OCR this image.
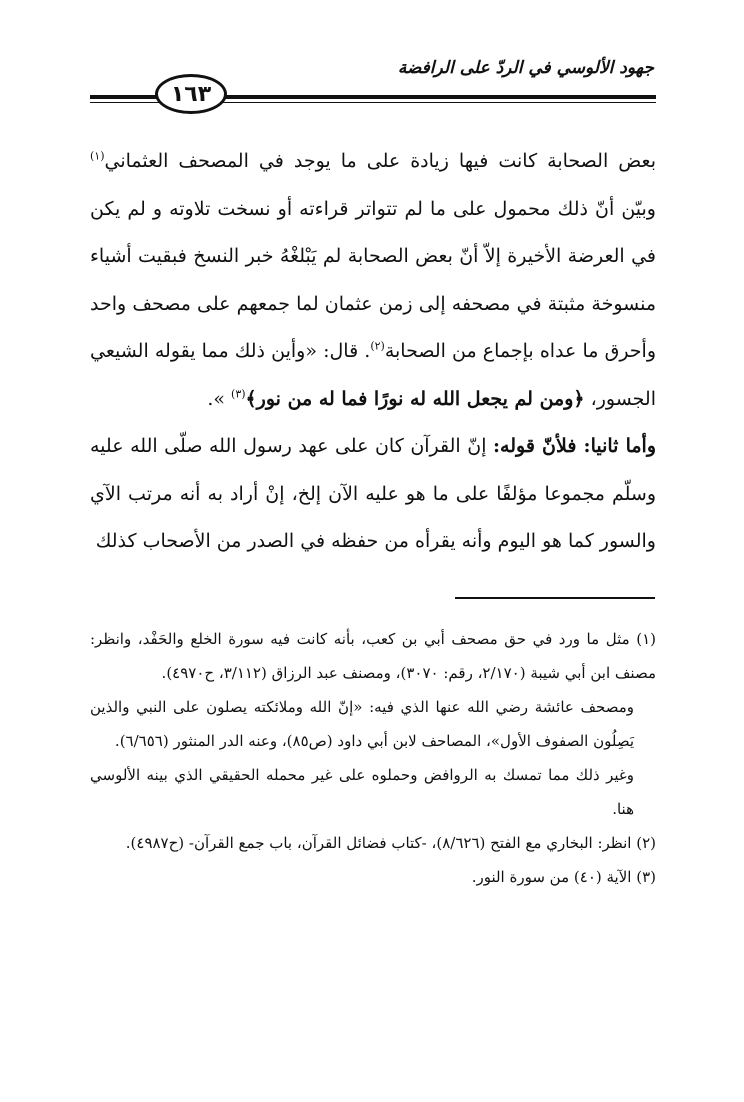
جهود الألوسي في الردّ على الرافضة
١٦٣

بعض الصحابة كانت فيها زيادة على ما يوجد في المصحف العثماني$^{(١)}$ وبيّن أنّ ذلك محمول على ما لم تتواتر قراءته أو نسخت تلاوته و لم يكن في العرضة الأخيرة إلاّ أنّ بعض الصحابة لم يَبْلغْهُ خبر النسخ فبقيت أشياء منسوخة مثبتة في مصحفه إلى زمن عثمان لما جمعهم على مصحف واحد وأحرق ما عداه بإجماع من الصحابة$^{(٢)}$. قال: «وأين ذلك مما يقوله الشيعي الجسور، ﴿ومن لم يجعل الله له نورًا فما له من نور﴾$^{(٣)}$ ».

وأما ثانيا: فلأنّ قوله: إنّ القرآن كان على عهد رسول الله صلّى الله عليه وسلّم مجموعا مؤلفًا على ما هو عليه الآن إلخ، إنْ أراد به أنه مرتب الآي والسور كما هو اليوم وأنه يقرأه من حفظه في الصدر من الأصحاب كذلك

(١) مثل ما ورد في حق مصحف أبي بن كعب، بأنه كانت فيه سورة الخلع والحَفْد، وانظر: مصنف ابن أبي شيبة (٢/١٧٠، رقم: ٣٠٧٠)، ومصنف عبد الرزاق (٣/١١٢، ح٤٩٧٠).

ومصحف عائشة رضي الله عنها الذي فيه: «إنّ الله وملائكته يصلون على النبي والذين يَصِلُون الصفوف الأول»، المصاحف لابن أبي داود (ص٨٥)، وعنه الدر المنثور (٦/٦٥٦).

وغير ذلك مما تمسك به الروافض وحملوه على غير محمله الحقيقي الذي بينه الألوسي هنا.

(٢) انظر: البخاري مع الفتح (٨/٦٢٦)، -كتاب فضائل القرآن، باب جمع القرآن- (ح٤٩٨٧).

(٣) الآية (٤٠) من سورة النور.
